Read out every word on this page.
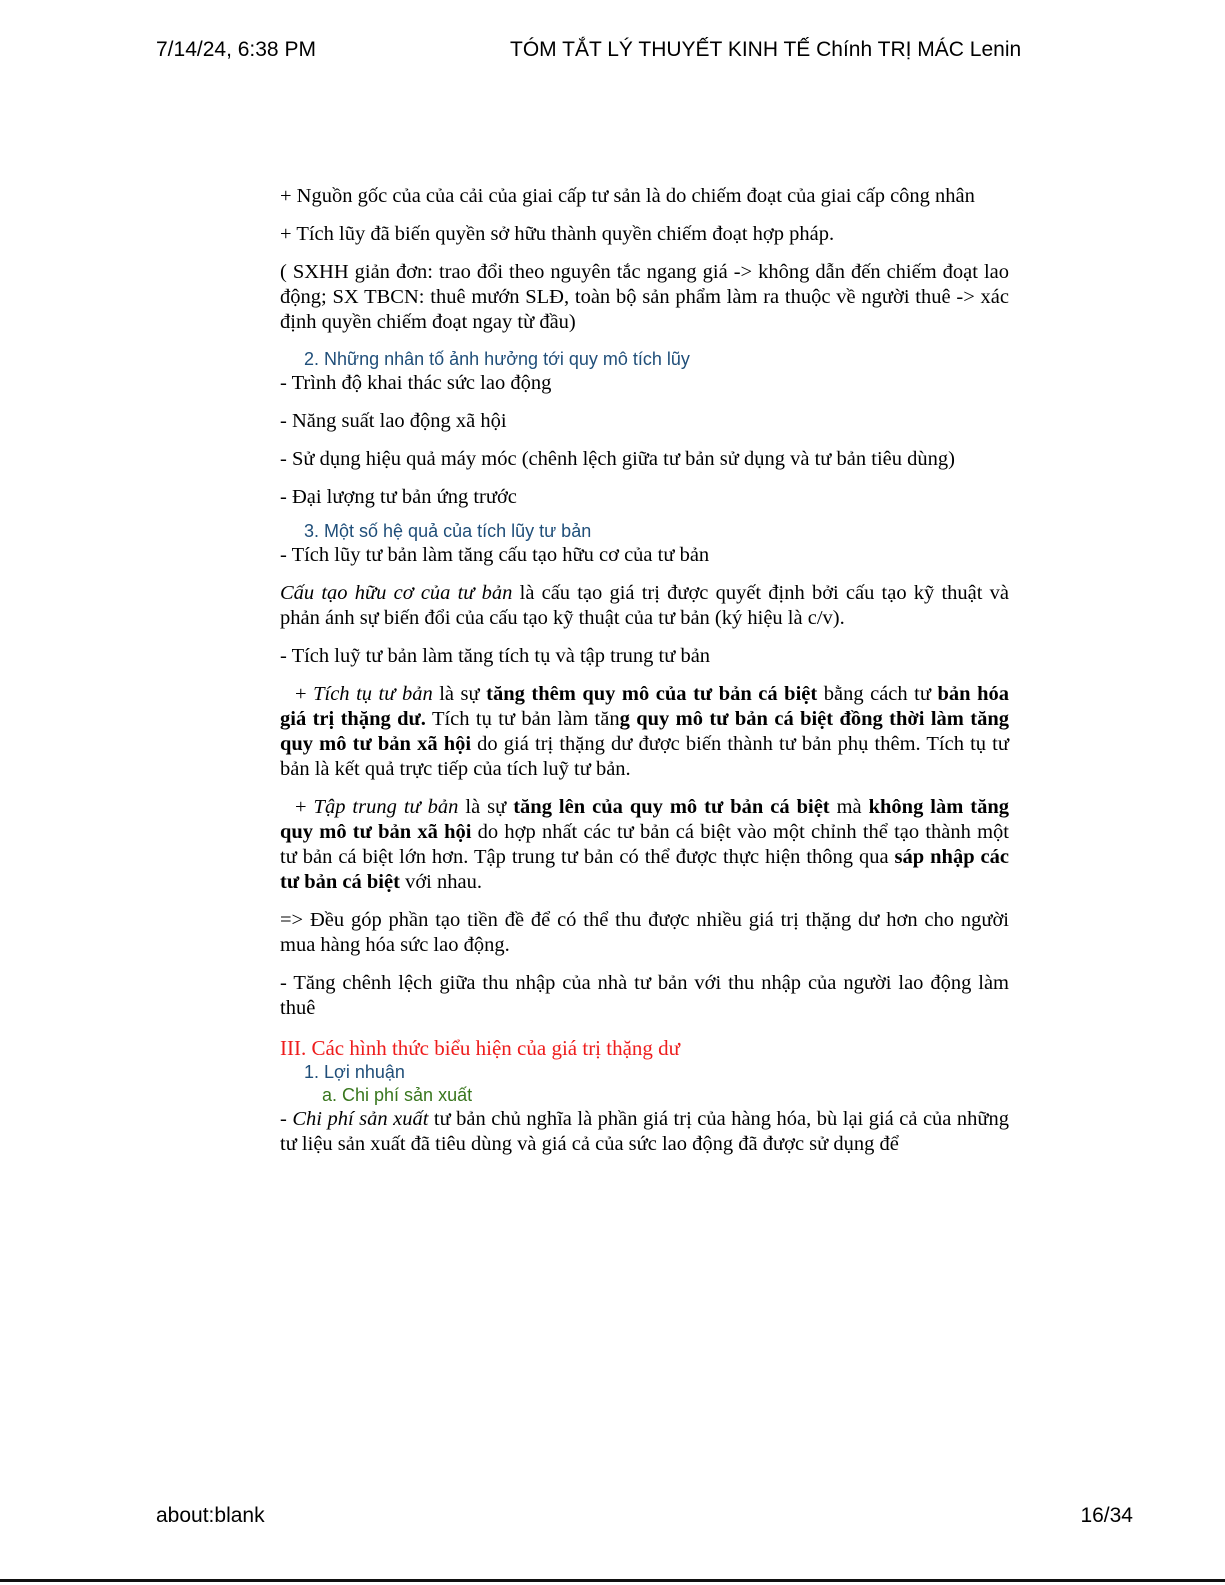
7/14/24, 6:38 PM	TÓM TẮT LÝ THUYẾT KINH TẾ Chính TRỊ MÁC Lenin

+ Nguồn gốc của của cải của giai cấp tư sản là do chiếm đoạt của giai cấp công nhân

+ Tích lũy đã biến quyền sở hữu thành quyền chiếm đoạt hợp pháp.

( SXHH giản đơn: trao đổi theo nguyên tắc ngang giá -> không dẫn đến chiếm đoạt lao động; SX TBCN: thuê mướn SLĐ, toàn bộ sản phẩm làm ra thuộc về người thuê -> xác định quyền chiếm đoạt ngay từ đầu)

2. Những nhân tố ảnh hưởng tới quy mô tích lũy

- Trình độ khai thác sức lao động

- Năng suất lao động xã hội

- Sử dụng hiệu quả máy móc (chênh lệch giữa tư bản sử dụng và tư bản tiêu dùng)

- Đại lượng tư bản ứng trước

3. Một số hệ quả của tích lũy tư bản

- Tích lũy tư bản làm tăng cấu tạo hữu cơ của tư bản

Cấu tạo hữu cơ của tư bản là cấu tạo giá trị được quyết định bởi cấu tạo kỹ thuật và phản ánh sự biến đổi của cấu tạo kỹ thuật của tư bản (ký hiệu là c/v).

- Tích luỹ tư bản làm tăng tích tụ và tập trung tư bản

+ Tích tụ tư bản là sự tăng thêm quy mô của tư bản cá biệt bằng cách tư bản hóa giá trị thặng dư. Tích tụ tư bản làm tăng quy mô tư bản cá biệt đồng thời làm tăng quy mô tư bản xã hội do giá trị thặng dư được biến thành tư bản phụ thêm. Tích tụ tư bản là kết quả trực tiếp của tích luỹ tư bản.

+ Tập trung tư bản là sự tăng lên của quy mô tư bản cá biệt mà không làm tăng quy mô tư bản xã hội do hợp nhất các tư bản cá biệt vào một chỉnh thể tạo thành một tư bản cá biệt lớn hơn. Tập trung tư bản có thể được thực hiện thông qua sáp nhập các tư bản cá biệt với nhau.

=> Đều góp phần tạo tiền đề để có thể thu được nhiều giá trị thặng dư hơn cho người mua hàng hóa sức lao động.

- Tăng chênh lệch giữa thu nhập của nhà tư bản với thu nhập của người lao động làm thuê

III. Các hình thức biểu hiện của giá trị thặng dư
1. Lợi nhuận
a. Chi phí sản xuất

- Chi phí sản xuất tư bản chủ nghĩa là phần giá trị của hàng hóa, bù lại giá cả của những tư liệu sản xuất đã tiêu dùng và giá cả của sức lao động đã được sử dụng để

about:blank	16/34
